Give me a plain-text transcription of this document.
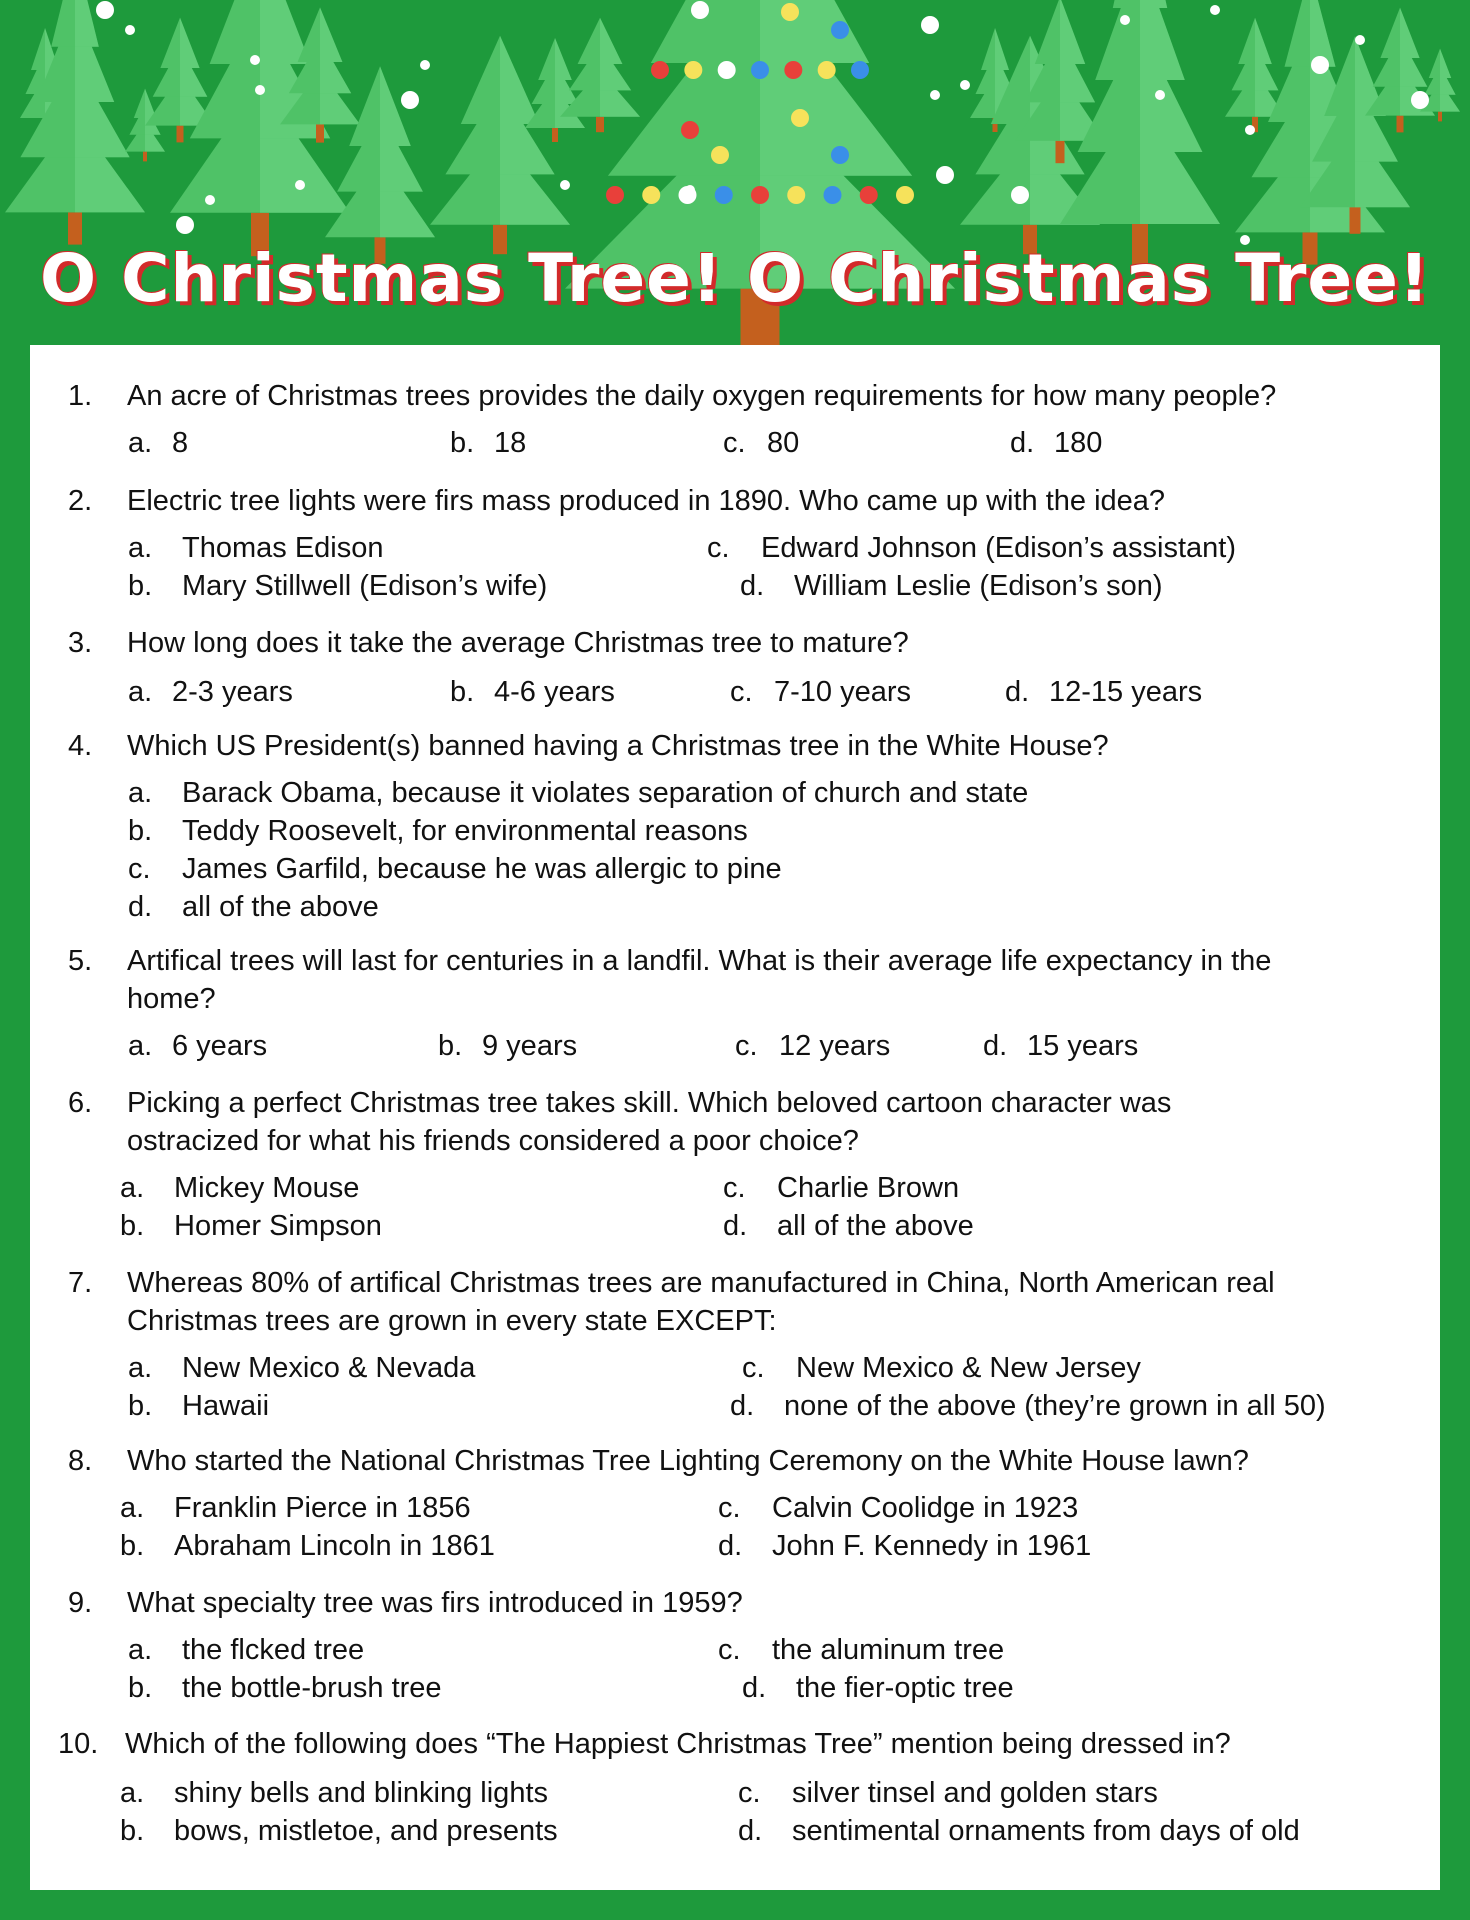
O Christmas Tree! O Christmas Tree!
1. An acre of Christmas trees provides the daily oxygen requirements for how many people?
a. 8	b. 18	c. 80	d. 180
2. Electric tree lights were firs mass produced in 1890. Who came up with the idea?
a. Thomas Edison
b. Mary Stillwell (Edison’s wife)
c. Edward Johnson (Edison’s assistant)
d. William Leslie (Edison’s son)
3. How long does it take the average Christmas tree to mature?
a. 2-3 years	b. 4-6 years	c. 7-10 years	d. 12-15 years
4. Which US President(s) banned having a Christmas tree in the White House?
a. Barack Obama, because it violates separation of church and state
b. Teddy Roosevelt, for environmental reasons
c. James Garfild, because he was allergic to pine
d. all of the above
5. Artifical trees will last for centuries in a landfil. What is their average life expectancy in the
home?
a. 6 years	b. 9 years	c. 12 years	d. 15 years
6. Picking a perfect Christmas tree takes skill. Which beloved cartoon character was
ostracized for what his friends considered a poor choice?
a. Mickey Mouse
b. Homer Simpson
c. Charlie Brown
d. all of the above
7. Whereas 80% of artifical Christmas trees are manufactured in China, North American real
Christmas trees are grown in every state EXCEPT:
a. New Mexico & Nevada
b. Hawaii
c. New Mexico & New Jersey
d. none of the above (they’re grown in all 50)
8. Who started the National Christmas Tree Lighting Ceremony on the White House lawn?
a. Franklin Pierce in 1856
b. Abraham Lincoln in 1861
c. Calvin Coolidge in 1923
d. John F. Kennedy in 1961
9. What specialty tree was firs introduced in 1959?
a. the flcked tree
b. the bottle-brush tree
c. the aluminum tree
d. the fier-optic tree
10. Which of the following does “The Happiest Christmas Tree” mention being dressed in?
a. shiny bells and blinking lights
b. bows, mistletoe, and presents
c. silver tinsel and golden stars
d. sentimental ornaments from days of old
